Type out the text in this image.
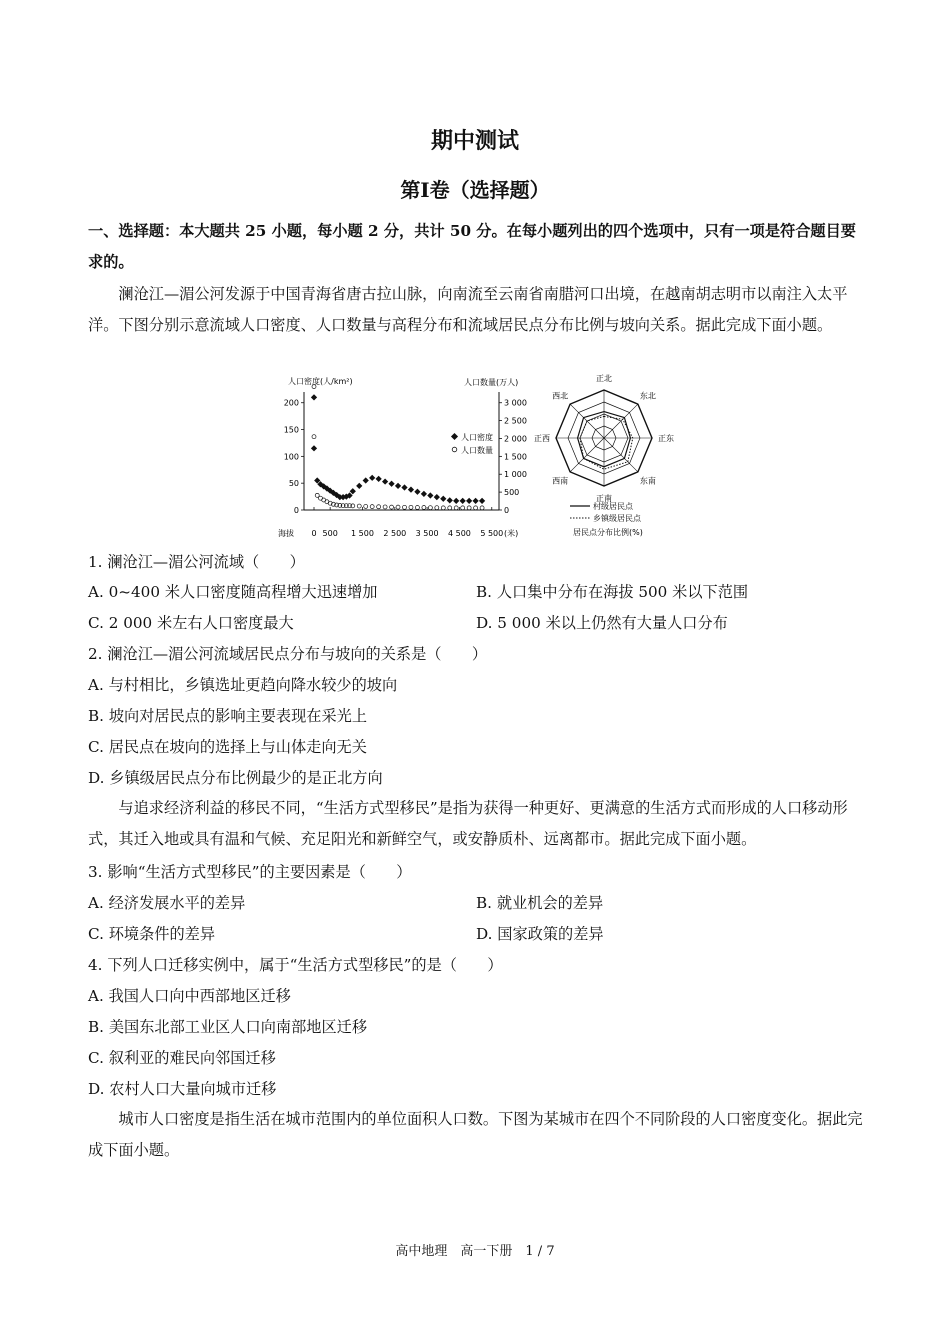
期中测试
第Ⅰ卷（选择题）
一、选择题：本大题共 25 小题，每小题 2 分，共计 50 分。在每小题列出的四个选项中，只有一项是符合题目要求的。
澜沧江—湄公河发源于中国青海省唐古拉山脉，向南流至云南省南腊河口出境，在越南胡志明市以南注入太平洋。下图分别示意流域人口密度、人口数量与高程分布和流域居民点分布比例与坡向关系。据此完成下面小题。
人口密度(人/km²)	人口数量(万人)
海拔	(米)
0
50
100
150
200
0
500
1 000
1 500
2 000
2 500
3 000
0 500 1 500 2 500 3 500 4 500 5 500
人口密度
人口数量
正北
东北
正东
东南
正南
西南
正西
西北
村级居民点
乡镇级居民点
居民点分布比例(%)
1. 澜沧江—湄公河流域（　　）
A. 0~400 米人口密度随高程增大迅速增加	B. 人口集中分布在海拔 500 米以下范围
C. 2 000 米左右人口密度最大	D. 5 000 米以上仍然有大量人口分布
2. 澜沧江—湄公河流域居民点分布与坡向的关系是（　　）
A. 与村相比，乡镇选址更趋向降水较少的坡向
B. 坡向对居民点的影响主要表现在采光上
C. 居民点在坡向的选择上与山体走向无关
D. 乡镇级居民点分布比例最少的是正北方向
与追求经济利益的移民不同，“生活方式型移民”是指为获得一种更好、更满意的生活方式而形成的人口移动形式，其迁入地或具有温和气候、充足阳光和新鲜空气，或安静质朴、远离都市。据此完成下面小题。
3. 影响“生活方式型移民”的主要因素是（　　）
A. 经济发展水平的差异	B. 就业机会的差异
C. 环境条件的差异	D. 国家政策的差异
4. 下列人口迁移实例中，属于“生活方式型移民”的是（　　）
A. 我国人口向中西部地区迁移
B. 美国东北部工业区人口向南部地区迁移
C. 叙利亚的难民向邻国迁移
D. 农村人口大量向城市迁移
城市人口密度是指生活在城市范围内的单位面积人口数。下图为某城市在四个不同阶段的人口密度变化。据此完成下面小题。
高中地理　高一下册　1 / 7
